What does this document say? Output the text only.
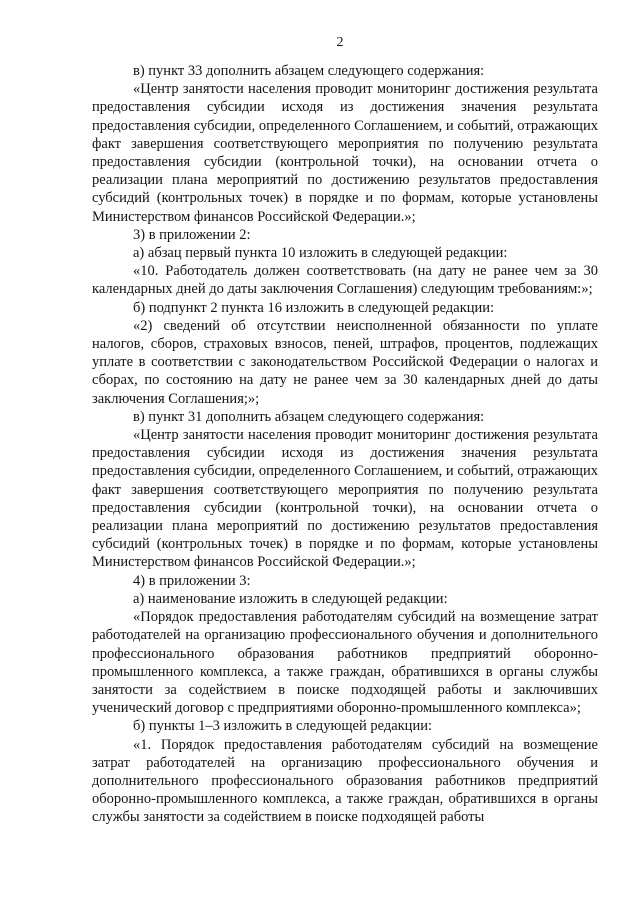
2

в) пункт 33 дополнить абзацем следующего содержания:

«Центр занятости населения проводит мониторинг достижения результата предоставления субсидии исходя из достижения значения результата предоставления субсидии, определенного Соглашением, и событий, отражающих факт завершения соответствующего мероприятия по получению результата предоставления субсидии (контрольной точки), на основании отчета о реализации плана мероприятий по достижению результатов предоставления субсидий (контрольных точек) в порядке и по формам, которые установлены Министерством финансов Российской Федерации.»;

3) в приложении 2:

а) абзац первый пункта 10 изложить в следующей редакции:

«10. Работодатель должен соответствовать (на дату не ранее чем за 30 календарных дней до даты заключения Соглашения) следующим требованиям:»;

б) подпункт 2 пункта 16 изложить в следующей редакции:

«2) сведений об отсутствии неисполненной обязанности по уплате налогов, сборов, страховых взносов, пеней, штрафов, процентов, подлежащих уплате в соответствии с законодательством Российской Федерации о налогах и сборах, по состоянию на дату не ранее чем за 30 календарных дней до даты заключения Соглашения;»;

в) пункт 31 дополнить абзацем следующего содержания:

«Центр занятости населения проводит мониторинг достижения результата предоставления субсидии исходя из достижения значения результата предоставления субсидии, определенного Соглашением, и событий, отражающих факт завершения соответствующего мероприятия по получению результата предоставления субсидии (контрольной точки), на основании отчета о реализации плана мероприятий по достижению результатов предоставления субсидий (контрольных точек) в порядке и по формам, которые установлены Министерством финансов Российской Федерации.»;

4) в приложении 3:

а) наименование изложить в следующей редакции:

«Порядок предоставления работодателям субсидий на возмещение затрат работодателей на организацию профессионального обучения и дополнительного профессионального образования работников предприятий оборонно-промышленного комплекса, а также граждан, обратившихся в органы службы занятости за содействием в поиске подходящей работы и заключивших ученический договор с предприятиями оборонно-промышленного комплекса»;

б) пункты 1–3 изложить в следующей редакции:

«1. Порядок предоставления работодателям субсидий на возмещение затрат работодателей на организацию профессионального обучения и дополнительного профессионального образования работников предприятий оборонно-промышленного комплекса, а также граждан, обратившихся в органы службы занятости за содействием в поиске подходящей работы
